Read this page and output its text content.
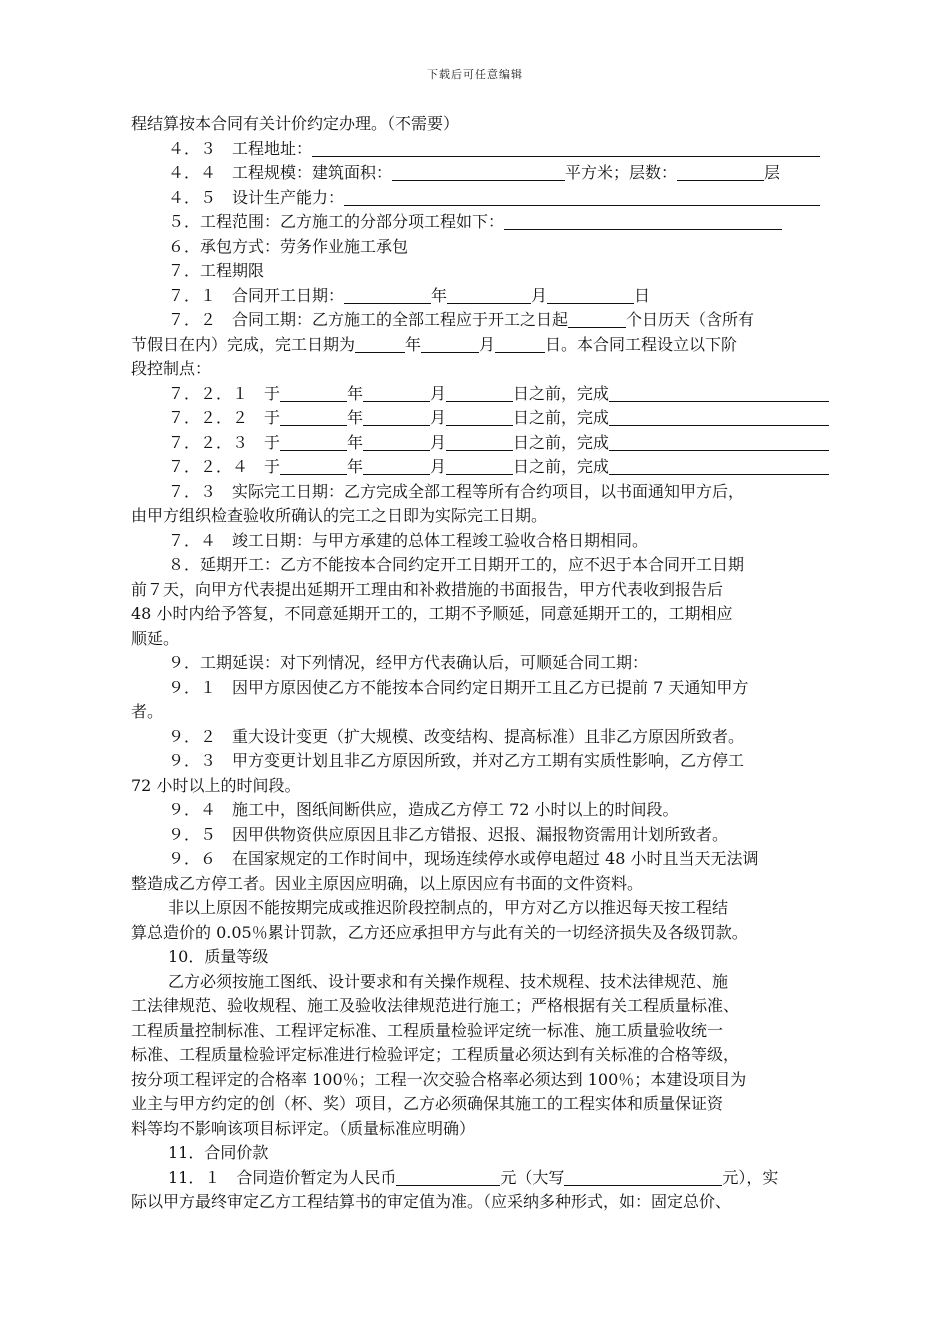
下载后可任意编辑
程结算按本合同有关计价约定办理。（不需要）
４．３　工程地址：
４．４　工程规模：建筑面积：	平方米；层数：	层
４．５　设计生产能力：
５．工程范围：乙方施工的分部分项工程如下：
６．承包方式：劳务作业施工承包
７．工程期限
７．１　合同开工日期：	年	月	日
７．２　合同工期：乙方施工的全部工程应于开工之日起	个日历天（含所有
节假日在内）完成，完工日期为	年	月	日。本合同工程设立以下阶
段控制点：
７．２．１　于	年	月	日之前，完成
７．２．２　于	年	月	日之前，完成
７．２．３　于	年	月	日之前，完成
７．２．４　于	年	月	日之前，完成
７．３　实际完工日期：乙方完成全部工程等所有合约项目，以书面通知甲方后，
由甲方组织检查验收所确认的完工之日即为实际完工日期。
７．４　竣工日期：与甲方承建的总体工程竣工验收合格日期相同。
８．延期开工：乙方不能按本合同约定开工日期开工的，应不迟于本合同开工日期
前７天，向甲方代表提出延期开工理由和补救措施的书面报告，甲方代表收到报告后
48 小时内给予答复，不同意延期开工的，工期不予顺延，同意延期开工的，工期相应
顺延。
９．工期延误：对下列情况，经甲方代表确认后，可顺延合同工期：
９．１　因甲方原因使乙方不能按本合同约定日期开工且乙方已提前 7 天通知甲方
者。
９．２　重大设计变更（扩大规模、改变结构、提高标准）且非乙方原因所致者。
９．３　甲方变更计划且非乙方原因所致，并对乙方工期有实质性影响，乙方停工
72 小时以上的时间段。
９．４　施工中，图纸间断供应，造成乙方停工 72 小时以上的时间段。
９．５　因甲供物资供应原因且非乙方错报、迟报、漏报物资需用计划所致者。
９．６　在国家规定的工作时间中，现场连续停水或停电超过 48 小时且当天无法调
整造成乙方停工者。因业主原因应明确，以上原因应有书面的文件资料。
非以上原因不能按期完成或推迟阶段控制点的，甲方对乙方以推迟每天按工程结
算总造价的 0.05％累计罚款，乙方还应承担甲方与此有关的一切经济损失及各级罚款。
10．质量等级
乙方必须按施工图纸、设计要求和有关操作规程、技术规程、技术法律规范、施
工法律规范、验收规程、施工及验收法律规范进行施工；严格根据有关工程质量标准、
工程质量控制标准、工程评定标准、工程质量检验评定统一标准、施工质量验收统一
标准、工程质量检验评定标准进行检验评定；工程质量必须达到有关标准的合格等级，
按分项工程评定的合格率 100％；工程一次交验合格率必须达到 100％；本建设项目为
业主与甲方约定的创（杯、奖）项目，乙方必须确保其施工的工程实体和质量保证资
料等均不影响该项目标评定。（质量标准应明确）
11．合同价款
11．１　合同造价暂定为人民币	元（大写	元），实
际以甲方最终审定乙方工程结算书的审定值为准。（应采纳多种形式，如：固定总价、
